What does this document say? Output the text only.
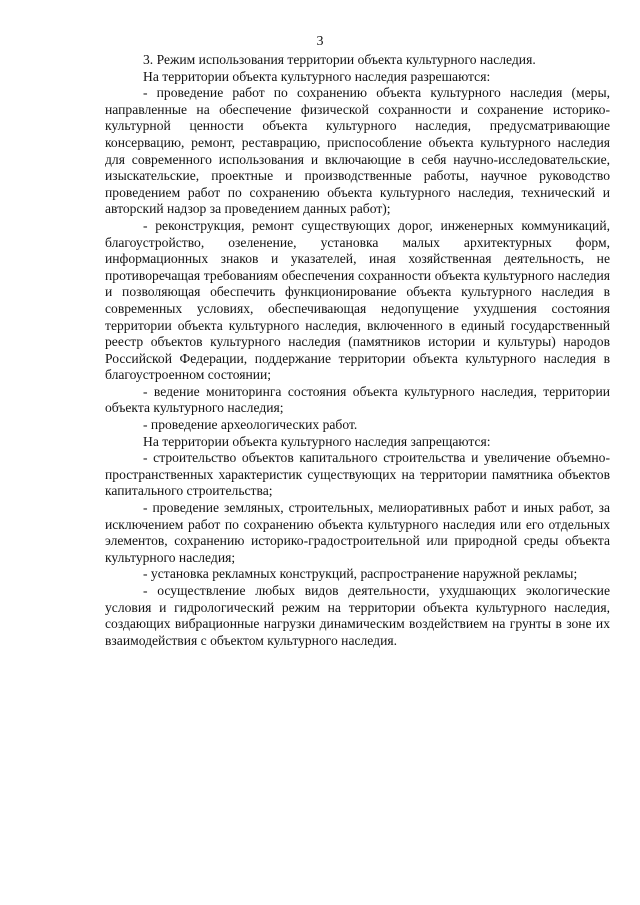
3

3. Режим использования территории объекта культурного наследия.

На территории объекта культурного наследия разрешаются:

- проведение работ по сохранению объекта культурного наследия (меры, направленные на обеспечение физической сохранности и сохранение историко-культурной ценности объекта культурного наследия, предусматривающие консервацию, ремонт, реставрацию, приспособление объекта культурного наследия для современного использования и включающие в себя научно-исследовательские, изыскательские, проектные и производственные работы, научное руководство проведением работ по сохранению объекта культурного наследия, технический и авторский надзор за проведением данных работ);

- реконструкция, ремонт существующих дорог, инженерных коммуникаций, благоустройство, озеленение, установка малых архитектурных форм, информационных знаков и указателей, иная хозяйственная деятельность, не противоречащая требованиям обеспечения сохранности объекта культурного наследия и позволяющая обеспечить функционирование объекта культурного наследия в современных условиях, обеспечивающая недопущение ухудшения состояния территории объекта культурного наследия, включенного в единый государственный реестр объектов культурного наследия (памятников истории и культуры) народов Российской Федерации, поддержание территории объекта культурного наследия в благоустроенном состоянии;

- ведение мониторинга состояния объекта культурного наследия, территории объекта культурного наследия;

- проведение археологических работ.

На территории объекта культурного наследия запрещаются:

- строительство объектов капитального строительства и увеличение объемно-пространственных характеристик существующих на территории памятника объектов капитального строительства;

- проведение земляных, строительных, мелиоративных работ и иных работ, за исключением работ по сохранению объекта культурного наследия или его отдельных элементов, сохранению историко-градостроительной или природной среды объекта культурного наследия;

- установка рекламных конструкций, распространение наружной рекламы;

- осуществление любых видов деятельности, ухудшающих экологические условия и гидрологический режим на территории объекта культурного наследия, создающих вибрационные нагрузки динамическим воздействием на грунты в зоне их взаимодействия с объектом культурного наследия.
